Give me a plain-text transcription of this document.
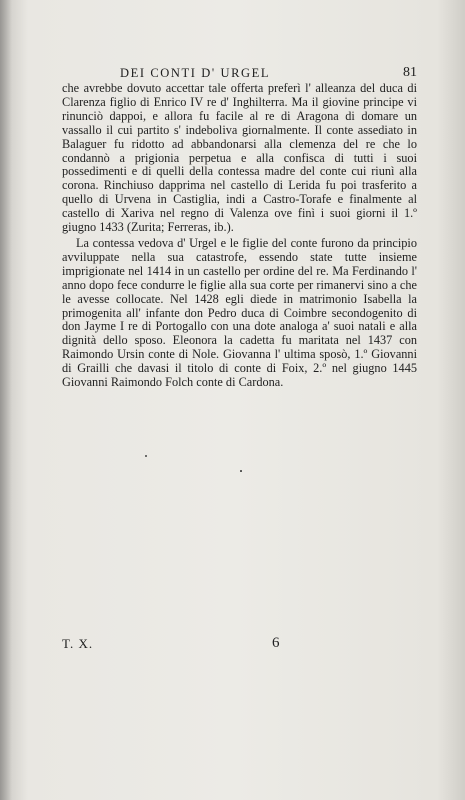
DEI CONTI D' URGEL	81

che avrebbe dovuto accettar tale offerta preferì l' alleanza del duca di Clarenza figlio di Enrico IV re d' Inghilterra. Ma il giovine principe vi rinunciò dappoi, e allora fu facile al re di Aragona di domare un vassallo il cui partito s' indeboliva giornalmente. Il conte assediato in Balaguer fu ridotto ad abbandonarsi alla clemenza del re che lo condannò a prigionia perpetua e alla confisca di tutti i suoi possedimenti e di quelli della contessa madre del conte cui riunì alla corona. Rinchiuso dapprima nel castello di Lerida fu poi trasferito a quello di Urvena in Castiglia, indi a Castro-Torafe e finalmente al castello di Xariva nel regno di Valenza ove finì i suoi giorni il 1.º giugno 1433 (Zurita; Ferreras, ib.).

La contessa vedova d' Urgel e le figlie del conte furono da principio avviluppate nella sua catastrofe, essendo state tutte insieme imprigionate nel 1414 in un castello per ordine del re. Ma Ferdinando l' anno dopo fece condurre le figlie alla sua corte per rimanervi sino a che le avesse collocate. Nel 1428 egli diede in matrimonio Isabella la primogenita all' infante don Pedro duca di Coimbre secondogenito di don Jayme I re di Portogallo con una dote analoga a' suoi natali e alla dignità dello sposo. Eleonora la cadetta fu maritata nel 1437 con Raimondo Ursin conte di Nole. Giovanna l' ultima sposò, 1.º Giovanni di Grailli che davasi il titolo di conte di Foix, 2.º nel giugno 1445 Giovanni Raimondo Folch conte di Cardona.

T. X.	6
